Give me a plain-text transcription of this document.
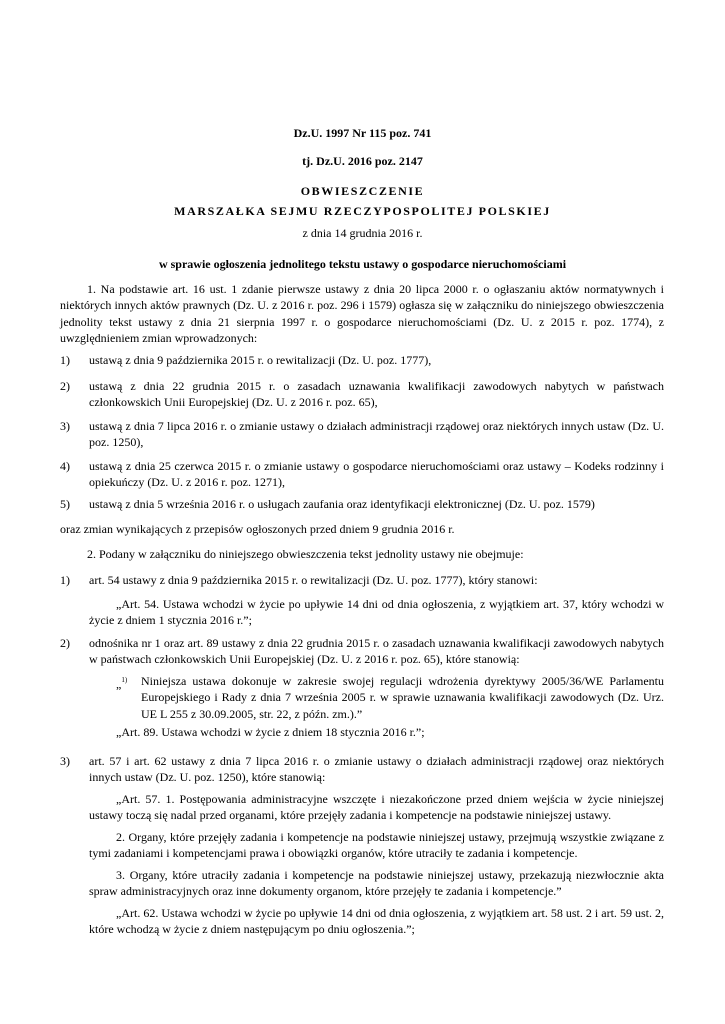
Dz.U. 1997 Nr 115 poz. 741
tj. Dz.U. 2016 poz. 2147
OBWIESZCZENIE
MARSZAŁKA SEJMU RZECZYPOSPOLITEJ POLSKIEJ
z dnia 14 grudnia 2016 r.
w sprawie ogłoszenia jednolitego tekstu ustawy o gospodarce nieruchomościami
1. Na podstawie art. 16 ust. 1 zdanie pierwsze ustawy z dnia 20 lipca 2000 r. o ogłaszaniu aktów normatywnych i niektórych innych aktów prawnych (Dz. U. z 2016 r. poz. 296 i 1579) ogłasza się w załączniku do niniejszego obwieszczenia jednolity tekst ustawy z dnia 21 sierpnia 1997 r. o gospodarce nieruchomościami (Dz. U. z 2015 r. poz. 1774), z uwzględnieniem zmian wprowadzonych:
1) ustawą z dnia 9 października 2015 r. o rewitalizacji (Dz. U. poz. 1777),
2) ustawą z dnia 22 grudnia 2015 r. o zasadach uznawania kwalifikacji zawodowych nabytych w państwach członkowskich Unii Europejskiej (Dz. U. z 2016 r. poz. 65),
3) ustawą z dnia 7 lipca 2016 r. o zmianie ustawy o działach administracji rządowej oraz niektórych innych ustaw (Dz. U. poz. 1250),
4) ustawą z dnia 25 czerwca 2015 r. o zmianie ustawy o gospodarce nieruchomościami oraz ustawy – Kodeks rodzinny i opiekuńczy (Dz. U. z 2016 r. poz. 1271),
5) ustawą z dnia 5 września 2016 r. o usługach zaufania oraz identyfikacji elektronicznej (Dz. U. poz. 1579)
oraz zmian wynikających z przepisów ogłoszonych przed dniem 9 grudnia 2016 r.
2. Podany w załączniku do niniejszego obwieszczenia tekst jednolity ustawy nie obejmuje:
1) art. 54 ustawy z dnia 9 października 2015 r. o rewitalizacji (Dz. U. poz. 1777), który stanowi:
„Art. 54. Ustawa wchodzi w życie po upływie 14 dni od dnia ogłoszenia, z wyjątkiem art. 37, który wchodzi w życie z dniem 1 stycznia 2016 r.”;
2) odnośnika nr 1 oraz art. 89 ustawy z dnia 22 grudnia 2015 r. o zasadach uznawania kwalifikacji zawodowych nabytych w państwach członkowskich Unii Europejskiej (Dz. U. z 2016 r. poz. 65), które stanowią:
„$^{1)}$ Niniejsza ustawa dokonuje w zakresie swojej regulacji wdrożenia dyrektywy 2005/36/WE Parlamentu Europejskiego i Rady z dnia 7 września 2005 r. w sprawie uznawania kwalifikacji zawodowych (Dz. Urz. UE L 255 z 30.09.2005, str. 22, z późn. zm.).”
„Art. 89. Ustawa wchodzi w życie z dniem 18 stycznia 2016 r.”;
3) art. 57 i art. 62 ustawy z dnia 7 lipca 2016 r. o zmianie ustawy o działach administracji rządowej oraz niektórych innych ustaw (Dz. U. poz. 1250), które stanowią:
„Art. 57. 1. Postępowania administracyjne wszczęte i niezakończone przed dniem wejścia w życie niniejszej ustawy toczą się nadal przed organami, które przejęły zadania i kompetencje na podstawie niniejszej ustawy.
2. Organy, które przejęły zadania i kompetencje na podstawie niniejszej ustawy, przejmują wszystkie związane z tymi zadaniami i kompetencjami prawa i obowiązki organów, które utraciły te zadania i kompetencje.
3. Organy, które utraciły zadania i kompetencje na podstawie niniejszej ustawy, przekazują niezwłocznie akta spraw administracyjnych oraz inne dokumenty organom, które przejęły te zadania i kompetencje.”
„Art. 62. Ustawa wchodzi w życie po upływie 14 dni od dnia ogłoszenia, z wyjątkiem art. 58 ust. 2 i art. 59 ust. 2, które wchodzą w życie z dniem następującym po dniu ogłoszenia.”;
